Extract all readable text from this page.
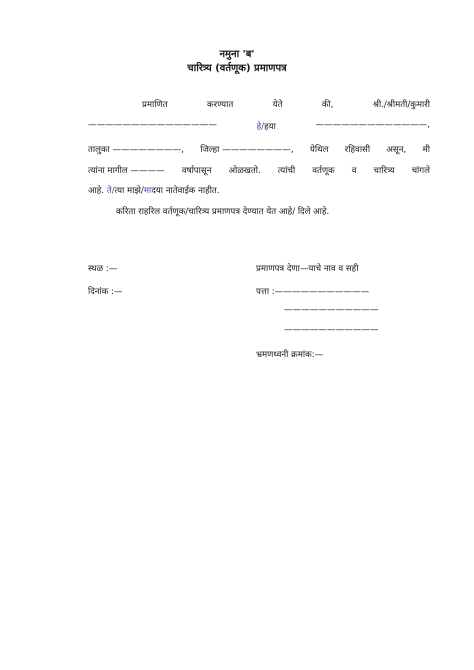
नमुना 'ब'
चारित्र्य (वर्तणूक) प्रमाणपत्र
प्रमाणित	करण्यात	येते	की,	श्री./श्रीमती/कुमारी
———————————————	हे/हया	—————————————,
तालुका ————————, जिल्हा ————————, येथिल रहिवासी असून, मी
त्यांना मागील ———— वर्षापासून ओळखतो. त्यांची वर्तणूक व चारित्र्य चांगले
आहे. ते/त्या माझे/मादया नातेवाईक नाहीत.
करिता राहरिल वर्तणूक/चारित्र्य प्रमाणपत्र देण्यात येत आहे/ दिले आहे.
स्थळ :—
दिनांक :—
प्रमाणपत्र देणा—याचे नाव व सही
पत्ता :———————————
———————————
———————————
भ्रमणध्वनी क्रमांक:—
